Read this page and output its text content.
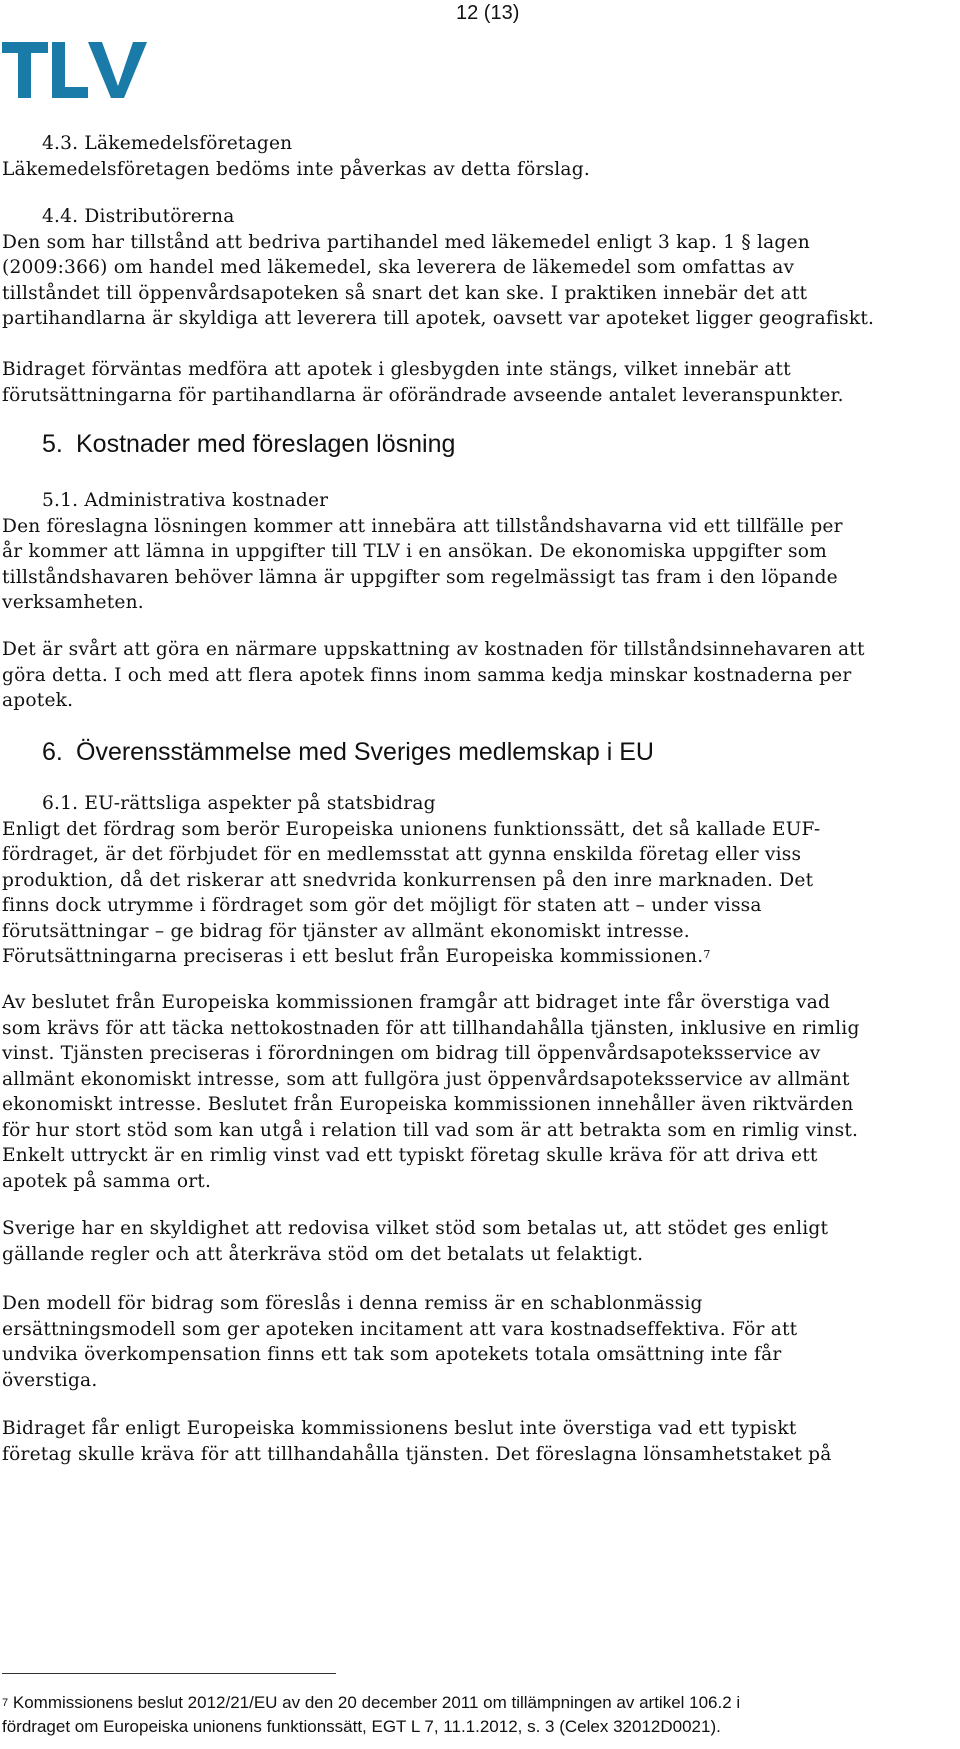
12 (13)

4.3. Läkemedelsföretagen

Läkemedelsföretagen bedöms inte påverkas av detta förslag.

4.4. Distributörerna

Den som har tillstånd att bedriva partihandel med läkemedel enligt 3 kap. 1 § lagen

(2009:366) om handel med läkemedel, ska leverera de läkemedel som omfattas av

tillståndet till öppenvårdsapoteken så snart det kan ske. I praktiken innebär det att

partihandlarna är skyldiga att leverera till apotek, oavsett var apoteket ligger geografiskt.

Bidraget förväntas medföra att apotek i glesbygden inte stängs, vilket innebär att

förutsättningarna för partihandlarna är oförändrade avseende antalet leveranspunkter.

5. Kostnader med föreslagen lösning

5.1. Administrativa kostnader

Den föreslagna lösningen kommer att innebära att tillståndshavarna vid ett tillfälle per

år kommer att lämna in uppgifter till TLV i en ansökan. De ekonomiska uppgifter som

tillståndshavaren behöver lämna är uppgifter som regelmässigt tas fram i den löpande

verksamheten.

Det är svårt att göra en närmare uppskattning av kostnaden för tillståndsinnehavaren att

göra detta. I och med att flera apotek finns inom samma kedja minskar kostnaderna per

apotek.

6. Överensstämmelse med Sveriges medlemskap i EU

6.1. EU-rättsliga aspekter på statsbidrag

Enligt det fördrag som berör Europeiska unionens funktionssätt, det så kallade EUF-

fördraget, är det förbjudet för en medlemsstat att gynna enskilda företag eller viss

produktion, då det riskerar att snedvrida konkurrensen på den inre marknaden. Det

finns dock utrymme i fördraget som gör det möjligt för staten att – under vissa

förutsättningar – ge bidrag för tjänster av allmänt ekonomiskt intresse.

Förutsättningarna preciseras i ett beslut från Europeiska kommissionen.$^7$

Av beslutet från Europeiska kommissionen framgår att bidraget inte får överstiga vad

som krävs för att täcka nettokostnaden för att tillhandahålla tjänsten, inklusive en rimlig

vinst. Tjänsten preciseras i förordningen om bidrag till öppenvårdsapoteksservice av

allmänt ekonomiskt intresse, som att fullgöra just öppenvårdsapoteksservice av allmänt

ekonomiskt intresse. Beslutet från Europeiska kommissionen innehåller även riktvärden

för hur stort stöd som kan utgå i relation till vad som är att betrakta som en rimlig vinst.

Enkelt uttryckt är en rimlig vinst vad ett typiskt företag skulle kräva för att driva ett

apotek på samma ort.

Sverige har en skyldighet att redovisa vilket stöd som betalas ut, att stödet ges enligt

gällande regler och att återkräva stöd om det betalats ut felaktigt.

Den modell för bidrag som föreslås i denna remiss är en schablonmässig

ersättningsmodell som ger apoteken incitament att vara kostnadseffektiva. För att

undvika överkompensation finns ett tak som apotekets totala omsättning inte får

överstiga.

Bidraget får enligt Europeiska kommissionens beslut inte överstiga vad ett typiskt

företag skulle kräva för att tillhandahålla tjänsten. Det föreslagna lönsamhetstaket på

$^7$ Kommissionens beslut 2012/21/EU av den 20 december 2011 om tillämpningen av artikel 106.2 i

fördraget om Europeiska unionens funktionssätt, EGT L 7, 11.1.2012, s. 3 (Celex 32012D0021).
